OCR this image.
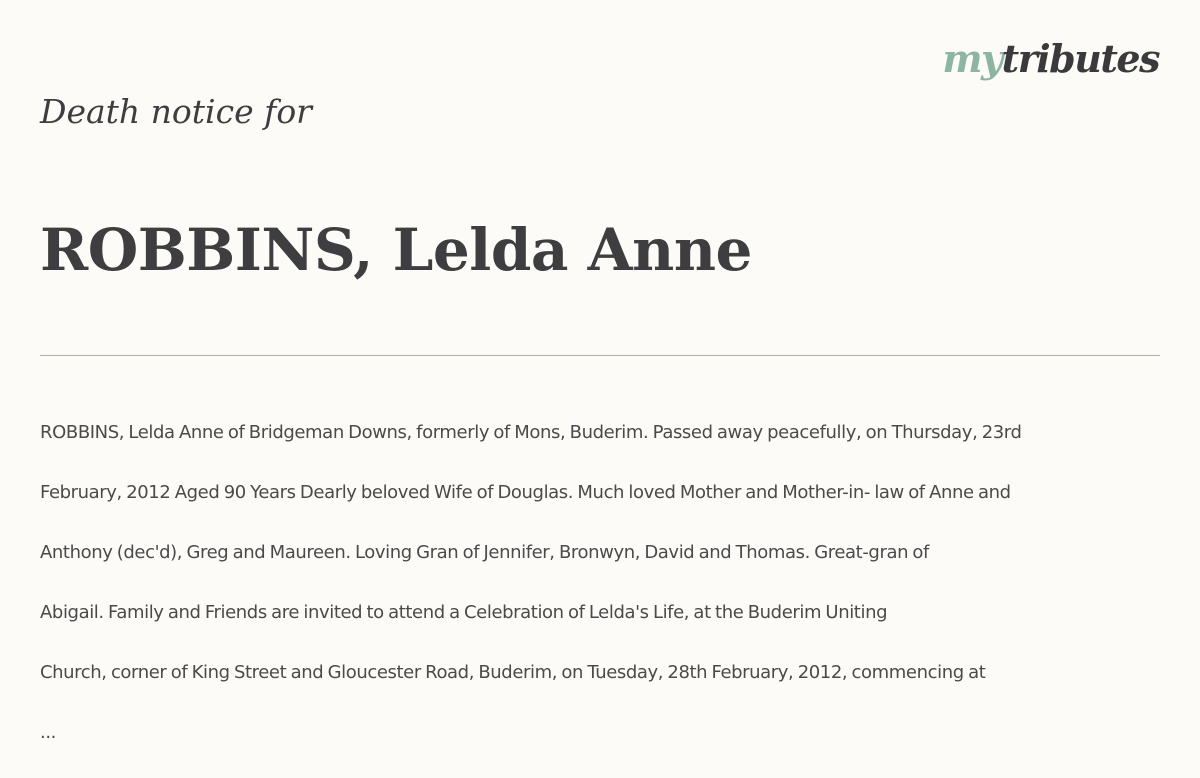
mytributes
Death notice for
ROBBINS, Lelda Anne

ROBBINS, Lelda Anne of Bridgeman Downs, formerly of Mons, Buderim. Passed away peacefully, on Thursday, 23rd

February, 2012 Aged 90 Years Dearly beloved Wife of Douglas. Much loved Mother and Mother-in- law of Anne and

Anthony (dec'd), Greg and Maureen. Loving Gran of Jennifer, Bronwyn, David and Thomas. Great-gran of

Abigail. Family and Friends are invited to attend a Celebration of Lelda's Life, at the Buderim Uniting

Church, corner of King Street and Gloucester Road, Buderim, on Tuesday, 28th February, 2012, commencing at

...
